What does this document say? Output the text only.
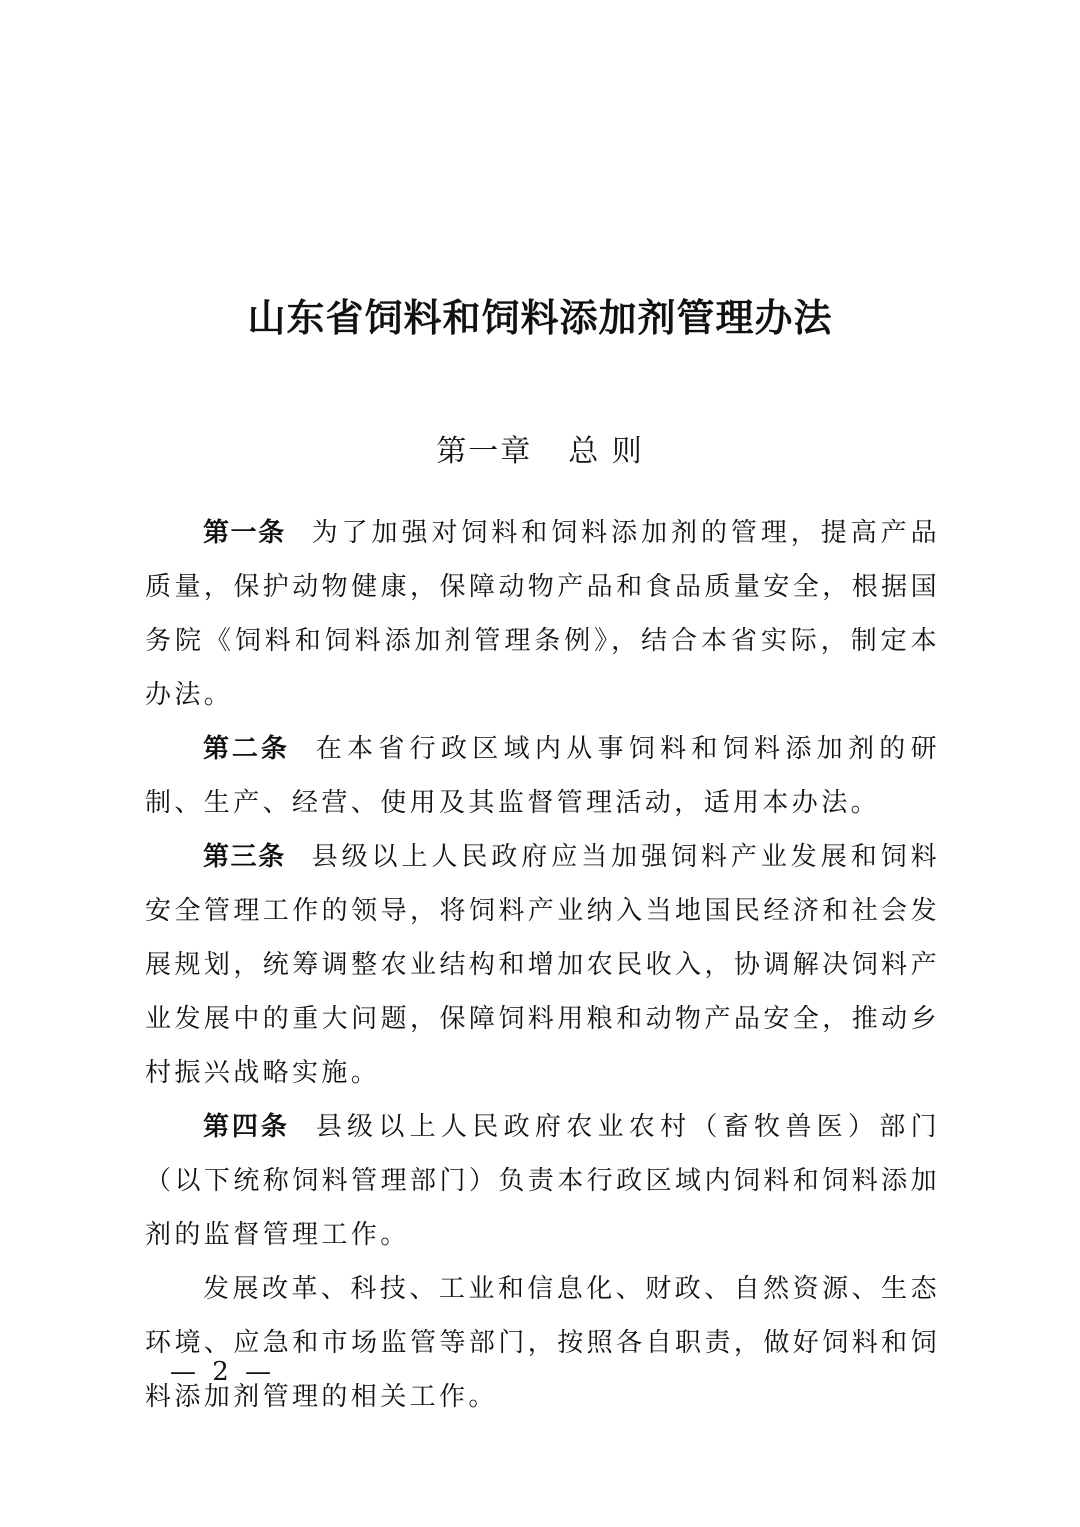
山东省饲料和饲料添加剂管理办法
第一章 总 则

第一条 为了加强对饲料和饲料添加剂的管理，提高产品质量，保护动物健康，保障动物产品和食品质量安全，根据国务院《饲料和饲料添加剂管理条例》，结合本省实际，制定本办法。

第二条 在本省行政区域内从事饲料和饲料添加剂的研制、生产、经营、使用及其监督管理活动，适用本办法。

第三条 县级以上人民政府应当加强饲料产业发展和饲料安全管理工作的领导，将饲料产业纳入当地国民经济和社会发展规划，统筹调整农业结构和增加农民收入，协调解决饲料产业发展中的重大问题，保障饲料用粮和动物产品安全，推动乡村振兴战略实施。

第四条 县级以上人民政府农业农村（畜牧兽医）部门（以下统称饲料管理部门）负责本行政区域内饲料和饲料添加剂的监督管理工作。

发展改革、科技、工业和信息化、财政、自然资源、生态环境、应急和市场监管等部门，按照各自职责，做好饲料和饲料添加剂管理的相关工作。

— 2 —
